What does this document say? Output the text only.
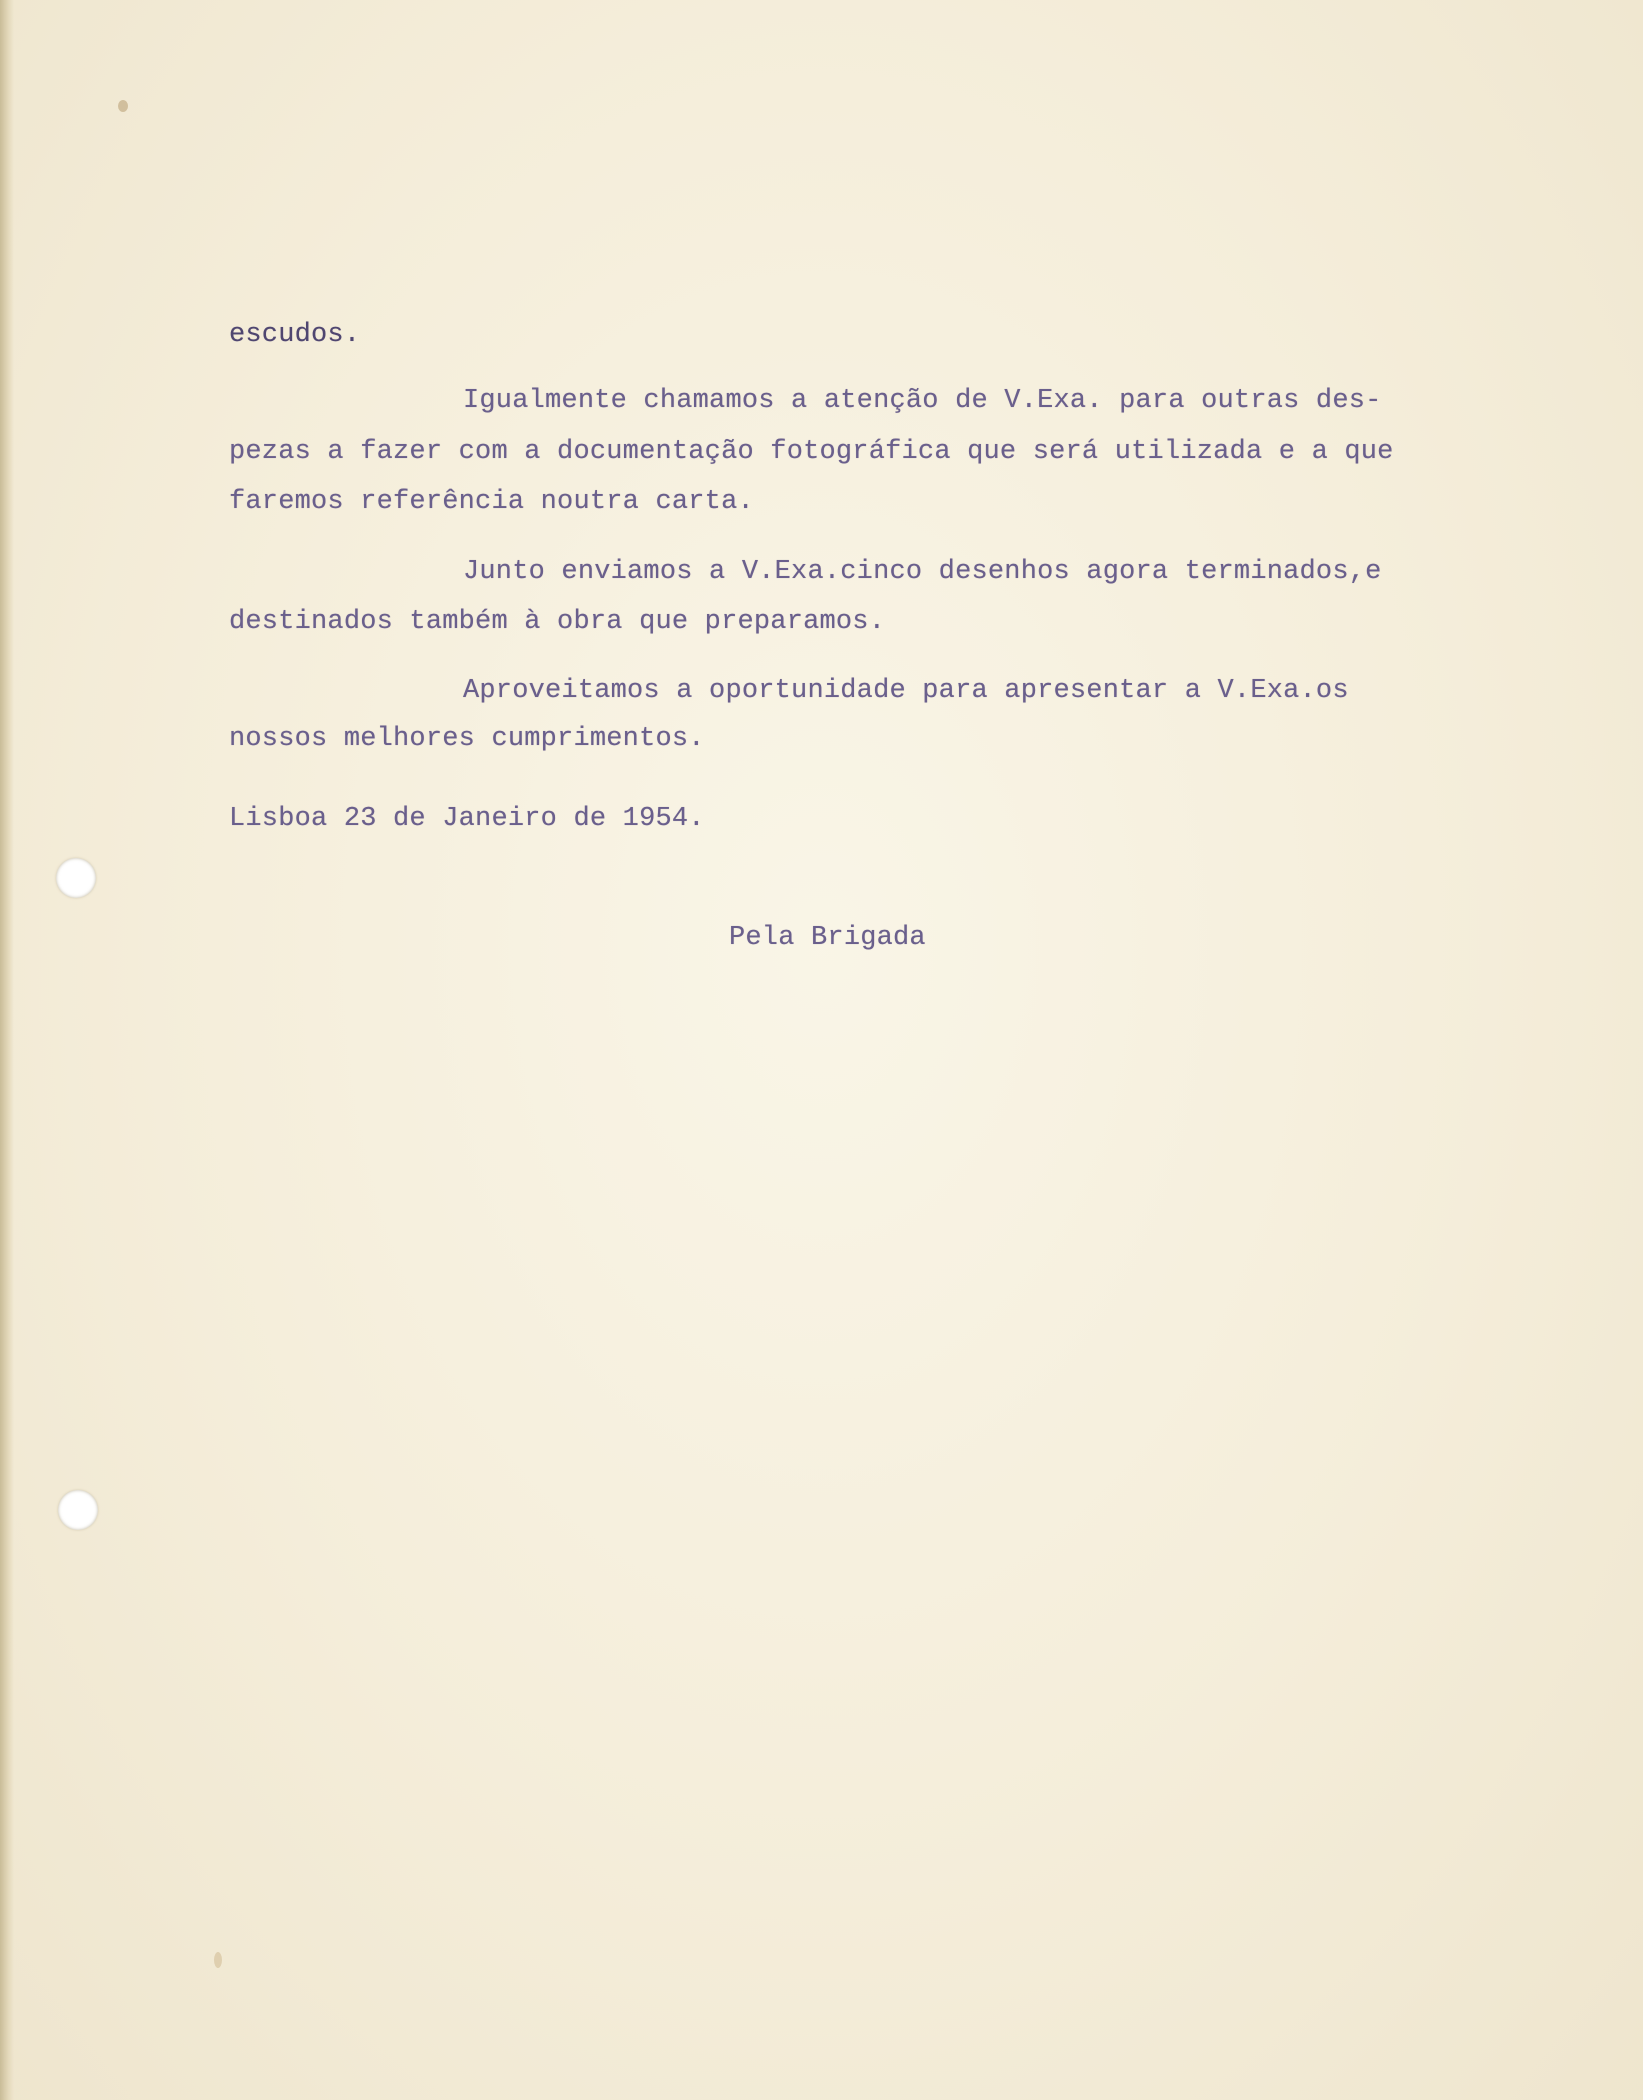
escudos.

Igualmente chamamos a atenção de V.Exa. para outras des-

pezas a fazer com a documentação fotográfica que será utilizada e a que

faremos referência noutra carta.

Junto enviamos a V.Exa.cinco desenhos agora terminados,e

destinados também à obra que preparamos.

Aproveitamos a oportunidade para apresentar a V.Exa.os

nossos melhores cumprimentos.

Lisboa 23 de Janeiro de 1954.

Pela Brigada
